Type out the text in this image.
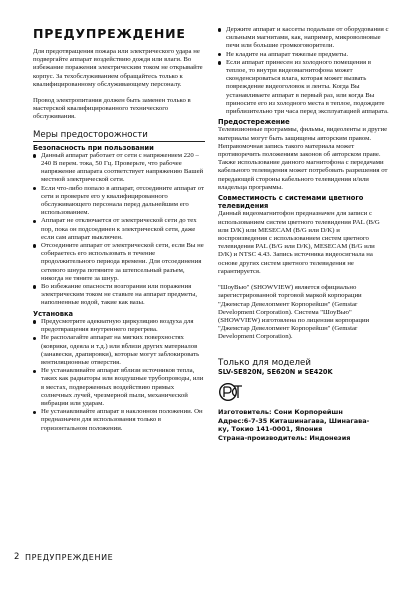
ПРЕДУПРЕЖДЕНИЕ

Для предотвращения пожара или электрического удара не подвергайте аппарат воздействию дождя или влаги. Во избежание поражения электрическим током не открывайте корпус. За техобслуживанием обращайтесь только к квалифицированному обслуживающему персоналу.

Провод электропитания должен быть заменен только в мастерской квалифицированного технического обслуживания.

Меры предосторожности

Безопасность при пользовании

Данный аппарат работает от сети с напряжением 220 – 240 В перем. тока, 50 Гц. Проверьте, что рабочее напряжение аппарата соответствует напряжению Вашей местной электрической сети.
Если что-либо попало в аппарат, отсоедините аппарат от сети и проверьте его у квалифицированного обслуживающего персонала перед дальнейшим его использованием.
Аппарат не отключается от электрической сети до тех пор, пока он подсоединен к электрической сети, даже если сам аппарат выключен.
Отсоедините аппарат от электрической сети, если Вы не собираетесь его использовать в течение продолжительного периода времени. Для отсоединения сетевого шнура потяните за штепсельный разъем, никогда не тяните за шнур.
Во избежание опасности возгорания или поражения электрическим током не ставьте на аппарат предметы, наполненные водой, такие как вазы.

Установка

Предусмотрите адекватную циркуляцию воздуха для предотвращения внутреннего перегрева.
Не располагайте аппарат на мягких поверхностях (коврики, одеяла и т.д.) или вблизи других материалов (занавески, драпировки), которые могут заблокировать вентиляционные отверстия.
Не устанавливайте аппарат вблизи источников тепла, таких как радиаторы или воздушные трубопроводы, или в местах, подверженных воздействию прямых солнечных лучей, чрезмерной пыли, механической вибрации или ударам.
Не устанавливайте аппарат в наклонном положении. Он предназначен для использования только в горизонтальном положении.
Держите аппарат и кассеты подальше от оборудования с сильными магнитами, как, например, микроволновые печи или большие громкоговорители.
Не кладите на аппарат тяжелые предметы.
Если аппарат принесен из холодного помещения в теплое, то внутри видеомагнитофона может сконденсироваться влага, которая может вызвать повреждение видеоголовок и ленты. Когда Вы устанавливаете аппарат в первый раз, или когда Вы приносите его из холодного места в теплое, подождите приблизительно три часа перед эксплуатацией аппарата.

Предостережение

Телевизионные программы, фильмы, видеоленты и другие материалы могут быть защищены авторским правом. Неправомочная запись такого материала может противоречить положениям законов об авторском праве. Также использование данного магнитофона с передачами кабельного телевидения может потребовать разрешения от передающей стороны кабельного телевидения и/или владельца программы.

Совместимость с системами цветного телевидения

Данный видеомагнитофон предназначен для записи с использованием систем цветного телевидения PAL (B/G или D/K) или MESECAM (B/G или D/K) и воспроизведения с использованием систем цветного телевидения PAL (B/G или D/K), MESECAM (B/G или D/K) и NTSC 4.43. Запись источника видеосигнала на основе других систем цветного телевидения не гарантируется.

"ШоуВью" (SHOWVIEW) является официально зарегистрированной торговой маркой корпорации "Джемстар Девелопмент Корпорейшн" (Gemstar Development Corporation). Система "ШоуВью" (SHOWVIEW) изготовлена по лицензии корпорации "Джемстар Девелопмент Корпорейшн" (Gemstar Development Corporation).

Только для моделей

SLV-SE820N, SE620N и SE420K

Изготовитель: Сони Корпорейшн

Адрес:6-7-35 Киташинагава, Шинагава-

ку, Токио 141-0001, Япония

Страна-производитель: Индонезия

2 ПРЕДУПРЕЖДЕНИЕ
